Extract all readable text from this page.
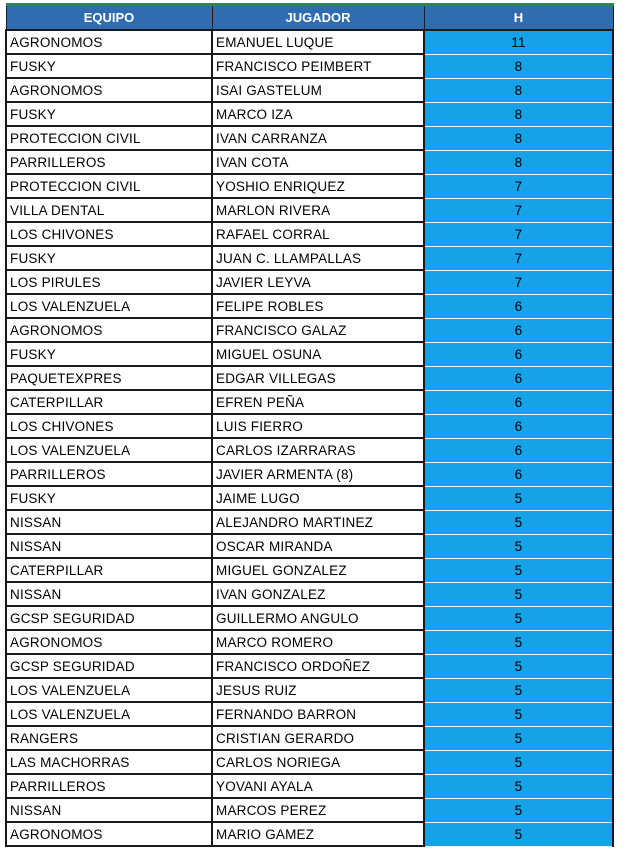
EQUIPO	JUGADOR	H
AGRONOMOS	EMANUEL LUQUE	11
FUSKY	FRANCISCO PEIMBERT	8
AGRONOMOS	ISAI GASTELUM	8
FUSKY	MARCO IZA	8
PROTECCION CIVIL	IVAN CARRANZA	8
PARRILLEROS	IVAN COTA	8
PROTECCION CIVIL	YOSHIO ENRIQUEZ	7
VILLA DENTAL	MARLON RIVERA	7
LOS CHIVONES	RAFAEL CORRAL	7
FUSKY	JUAN C. LLAMPALLAS	7
LOS PIRULES	JAVIER LEYVA	7
LOS VALENZUELA	FELIPE ROBLES	6
AGRONOMOS	FRANCISCO GALAZ	6
FUSKY	MIGUEL OSUNA	6
PAQUETEXPRES	EDGAR VILLEGAS	6
CATERPILLAR	EFREN PEÑA	6
LOS CHIVONES	LUIS FIERRO	6
LOS VALENZUELA	CARLOS IZARRARAS	6
PARRILLEROS	JAVIER ARMENTA (8)	6
FUSKY	JAIME LUGO	5
NISSAN	ALEJANDRO MARTINEZ	5
NISSAN	OSCAR MIRANDA	5
CATERPILLAR	MIGUEL GONZALEZ	5
NISSAN	IVAN GONZALEZ	5
GCSP SEGURIDAD	GUILLERMO ANGULO	5
AGRONOMOS	MARCO ROMERO	5
GCSP SEGURIDAD	FRANCISCO ORDOÑEZ	5
LOS VALENZUELA	JESUS RUIZ	5
LOS VALENZUELA	FERNANDO BARRON	5
RANGERS	CRISTIAN GERARDO	5
LAS MACHORRAS	CARLOS NORIEGA	5
PARRILLEROS	YOVANI AYALA	5
NISSAN	MARCOS PEREZ	5
AGRONOMOS	MARIO GAMEZ	5
